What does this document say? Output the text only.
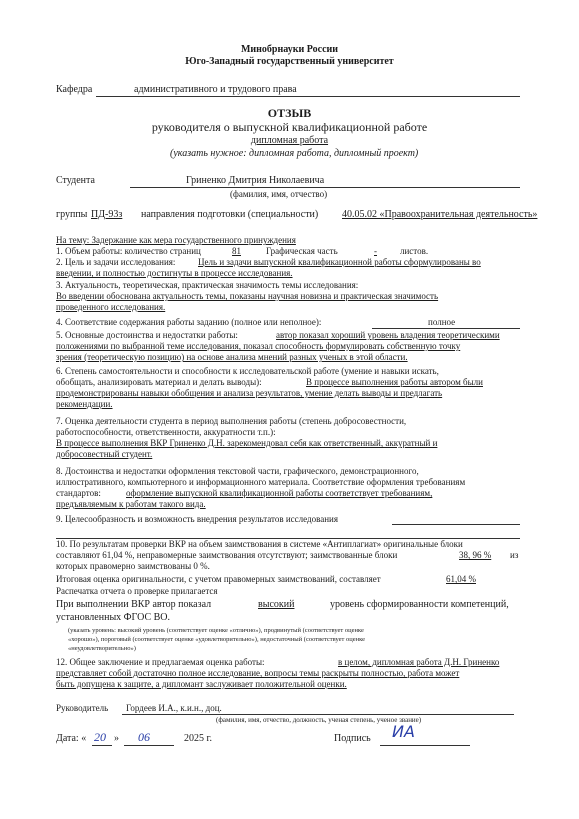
Минобрнауки России
Юго-Западный государственный университет
Кафедра	административного и трудового права
ОТЗЫВ
руководителя о выпускной квалификационной работе
дипломная работа
(указать нужное: дипломная работа, дипломный проект)
Студента	Гриненко Дмитрия Николаевича
(фамилия, имя, отчество)
группы ПД-93з направления подготовки (специальности) 40.05.02 «Правоохранительная деятельность»
На тему: Задержание как мера государственного принуждения
1. Объем работы: количество страниц	81	Графическая часть	-	листов.
2. Цель и задачи исследования:	Цель и задачи выпускной квалификационной работы сформулированы во
введении, и полностью достигнуты в процессе исследования.
3. Актуальность, теоретическая, практическая значимость темы исследования:
Во введении обоснована актуальность темы, показаны научная новизна и практическая значимость
проведенного исследования.
4. Соответствие содержания работы заданию (полное или неполное):	полное
5. Основные достоинства и недостатки работы:	автор показал хороший уровень владения теоретическими
положениями по выбранной теме исследования, показал способность формулировать собственную точку
зрения (теоретическую позицию) на основе анализа мнений разных ученых в этой области.
6. Степень самостоятельности и способности к исследовательской работе (умение и навыки искать,
обобщать, анализировать материал и делать выводы):	В процессе выполнения работы автором были
продемонстрированы навыки обобщения и анализа результатов, умение делать выводы и предлагать
рекомендации.
7. Оценка деятельности студента в период выполнения работы (степень добросовестности,
работоспособности, ответственности, аккуратности т.п.):
В процессе выполнения ВКР Гриненко Д.Н. зарекомендовал себя как ответственный, аккуратный и
добросовестный студент.
8. Достоинства и недостатки оформления текстовой части, графического, демонстрационного,
иллюстративного, компьютерного и информационного материала. Соответствие оформления требованиям
стандартов:	оформление выпускной квалификационной работы соответствует требованиям,
предъявляемым к работам такого вида.
9. Целесообразность и возможность внедрения результатов исследования
10. По результатам проверки ВКР на объем заимствования в системе «Антиплагиат» оригинальные блоки
составляют 61,04 %, неправомерные заимствования отсутствуют; заимствованные блоки	38, 96 % из
которых правомерно заимствованы 0 %.
Итоговая оценка оригинальности, с учетом правомерных заимствований, составляет	61,04 %
Распечатка отчета о проверке прилагается
При выполнении ВКР автор показал	высокий	уровень сформированности компетенций,
установленных ФГОС ВО.
(указать уровень: высокий уровень (соответствует оценке «отлично»), продвинутый (соответствует оценке
«хорошо»), пороговый (соответствует оценке «удовлетворительно»), недостаточный (соответствует оценке
«неудовлетворительно»)
12. Общее заключение и предлагаемая оценка работы:	в целом, дипломная работа Д.Н. Гриненко
представляет собой достаточно полное исследование, вопросы темы раскрыты полностью, работа может
быть допущена к защите, а дипломант заслуживает положительной оценки.
Руководитель Гордеев И.А., к.и.н., доц.
(фамилия, имя, отчество, должность, ученая степень, ученое звание)
Дата: « 20 » 06	2025 г.	Подпись ИА
